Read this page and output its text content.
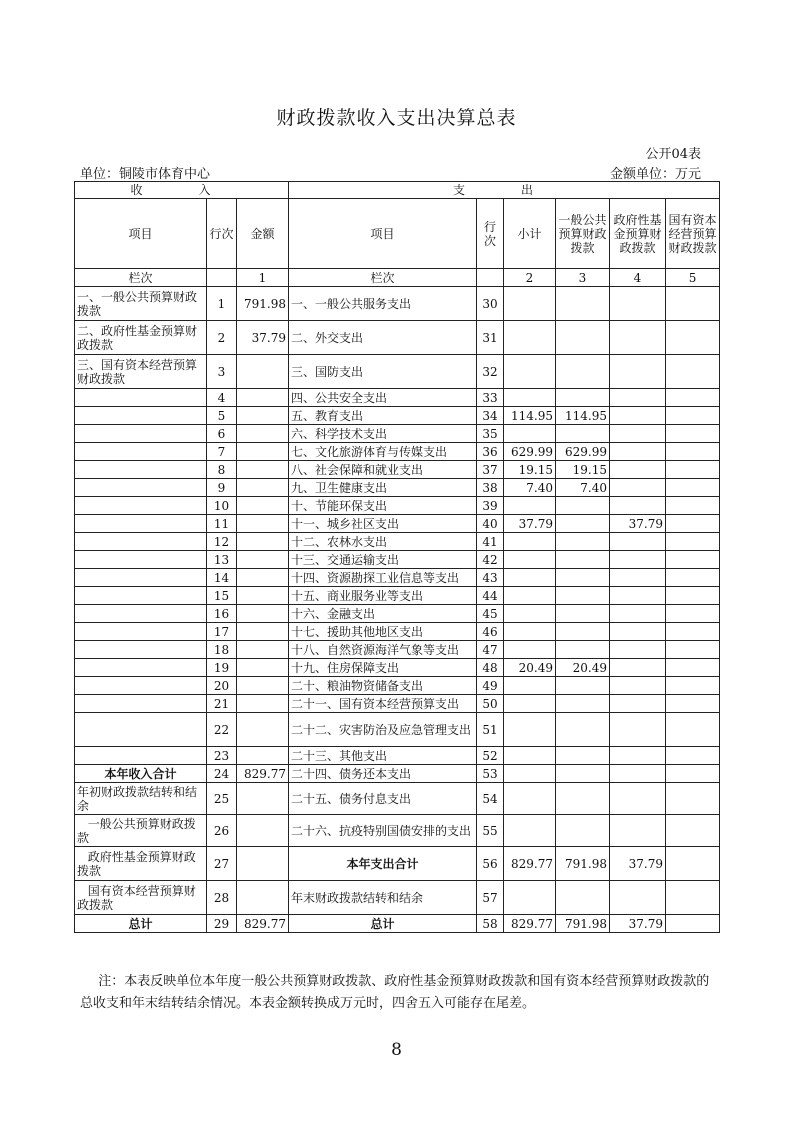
财政拨款收入支出决算总表
公开04表
单位：铜陵市体育中心	金额单位：万元
收　入			支　出					
项目	行次	金额	项目	行次	小计	一般公共预算财政拨款	政府性基金预算财政拨款	国有资本经营预算财政拨款
栏次		1	栏次		2	3	4	5
一、一般公共预算财政拨款	1	791.98	一、一般公共服务支出	30				
二、政府性基金预算财政拨款	2	37.79	二、外交支出	31				
三、国有资本经营预算财政拨款	3		三、国防支出	32				
	4		四、公共安全支出	33				
	5		五、教育支出	34	114.95	114.95		
	6		六、科学技术支出	35				
	7		七、文化旅游体育与传媒支出	36	629.99	629.99		
	8		八、社会保障和就业支出	37	19.15	19.15		
	9		九、卫生健康支出	38	7.40	7.40		
	10		十、节能环保支出	39				
	11		十一、城乡社区支出	40	37.79		37.79	
	12		十二、农林水支出	41				
	13		十三、交通运输支出	42				
	14		十四、资源勘探工业信息等支出	43				
	15		十五、商业服务业等支出	44				
	16		十六、金融支出	45				
	17		十七、援助其他地区支出	46				
	18		十八、自然资源海洋气象等支出	47				
	19		十九、住房保障支出	48	20.49	20.49		
	20		二十、粮油物资储备支出	49				
	21		二十一、国有资本经营预算支出	50				
	22		二十二、灾害防治及应急管理支出	51				
	23		二十三、其他支出	52				
本年收入合计	24	829.77	二十四、债务还本支出	53				
年初财政拨款结转和结余	25		二十五、债务付息支出	54				
一般公共预算财政拨款	26		二十六、抗疫特别国债安排的支出	55				
政府性基金预算财政拨款	27		本年支出合计	56	829.77	791.98	37.79	
国有资本经营预算财政拨款	28		年末财政拨款结转和结余	57				
总计	29	829.77	总计	58	829.77	791.98	37.79	
注：本表反映单位本年度一般公共预算财政拨款、政府性基金预算财政拨款和国有资本经营预算财政拨款的总收支和年末结转结余情况。本表金额转换成万元时，四舍五入可能存在尾差。
8
